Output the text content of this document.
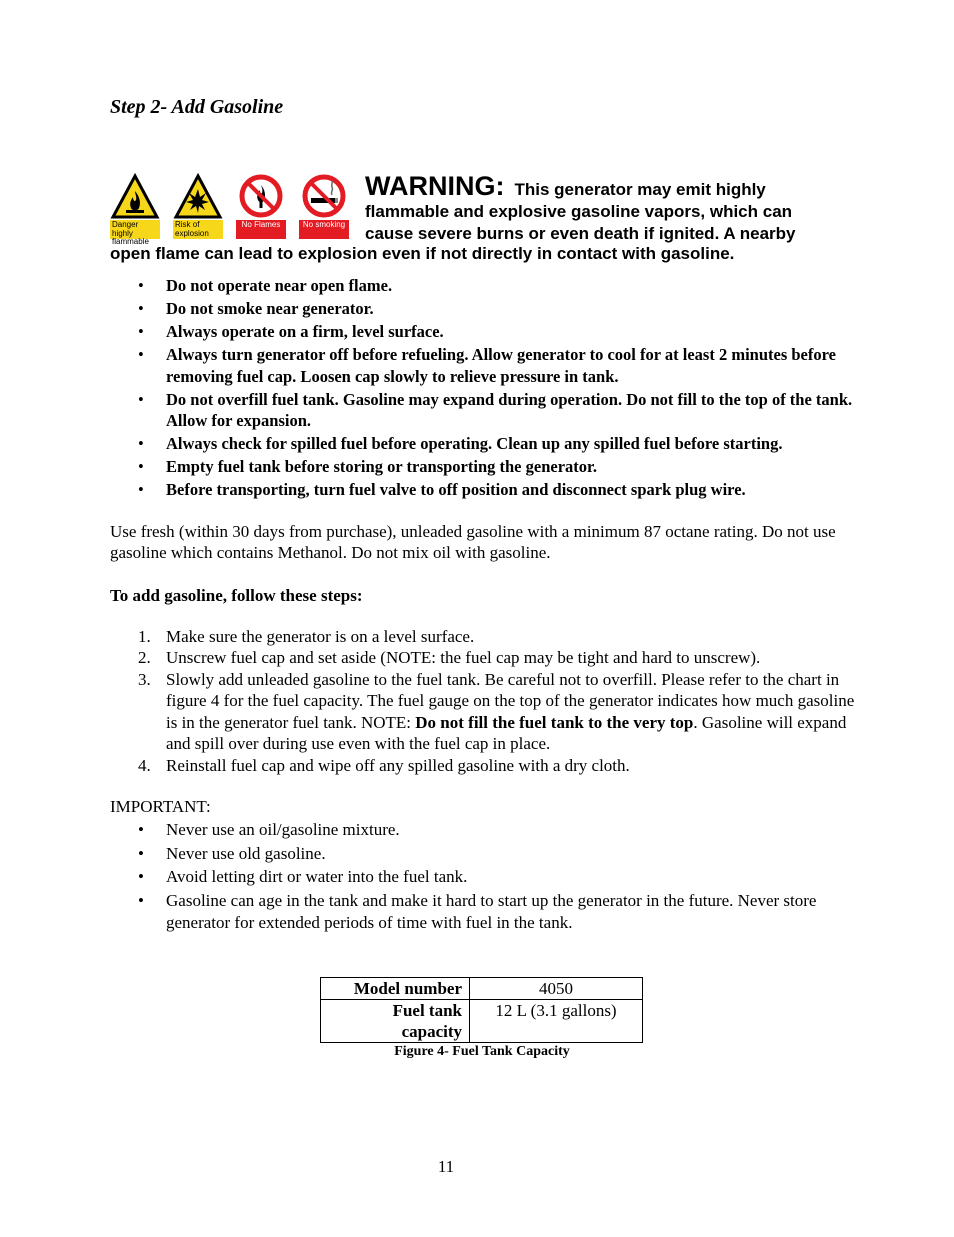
Step 2- Add Gasoline
Danger highly flammable
Risk of explosion
No Flames	No smoking
WARNING: This generator may emit highly
flammable and explosive gasoline vapors, which can
cause severe burns or even death if ignited. A nearby
open flame can lead to explosion even if not directly in contact with gasoline.
• Do not operate near open flame.
• Do not smoke near generator.
• Always operate on a firm, level surface.
• Always turn generator off before refueling. Allow generator to cool for at least 2 minutes before removing fuel cap. Loosen cap slowly to relieve pressure in tank.
• Do not overfill fuel tank. Gasoline may expand during operation. Do not fill to the top of the tank. Allow for expansion.
• Always check for spilled fuel before operating. Clean up any spilled fuel before starting.
• Empty fuel tank before storing or transporting the generator.
• Before transporting, turn fuel valve to off position and disconnect spark plug wire.

Use fresh (within 30 days from purchase), unleaded gasoline with a minimum 87 octane rating. Do not use gasoline which contains Methanol. Do not mix oil with gasoline.

To add gasoline, follow these steps:
1. Make sure the generator is on a level surface.
2. Unscrew fuel cap and set aside (NOTE: the fuel cap may be tight and hard to unscrew).
3. Slowly add unleaded gasoline to the fuel tank. Be careful not to overfill. Please refer to the chart in figure 4 for the fuel capacity. The fuel gauge on the top of the generator indicates how much gasoline is in the generator fuel tank. NOTE: Do not fill the fuel tank to the very top. Gasoline will expand and spill over during use even with the fuel cap in place.
4. Reinstall fuel cap and wipe off any spilled gasoline with a dry cloth.
IMPORTANT:
• Never use an oil/gasoline mixture.
• Never use old gasoline.
• Avoid letting dirt or water into the fuel tank.
• Gasoline can age in the tank and make it hard to start up the generator in the future. Never store generator for extended periods of time with fuel in the tank.
Model number	4050
Fuel tank capacity	12 L (3.1 gallons)
Figure 4- Fuel Tank Capacity
11
